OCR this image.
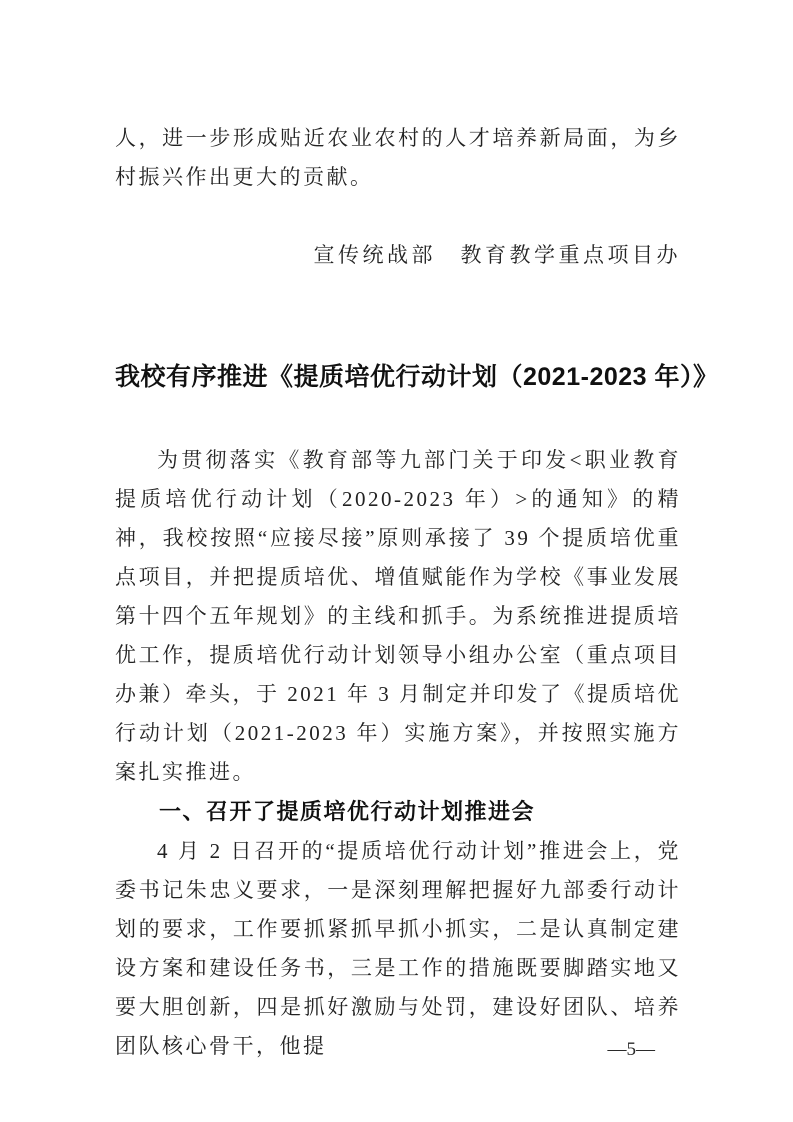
人，进一步形成贴近农业农村的人才培养新局面，为乡村振兴作出更大的贡献。

宣传统战部　教育教学重点项目办

我校有序推进《提质培优行动计划（2021-2023 年）》

为贯彻落实《教育部等九部门关于印发<职业教育提质培优行动计划（2020-2023 年）>的通知》的精神，我校按照“应接尽接”原则承接了 39 个提质培优重点项目，并把提质培优、增值赋能作为学校《事业发展第十四个五年规划》的主线和抓手。为系统推进提质培优工作，提质培优行动计划领导小组办公室（重点项目办兼）牵头，于 2021 年 3 月制定并印发了《提质培优行动计划（2021-2023 年）实施方案》，并按照实施方案扎实推进。

一、召开了提质培优行动计划推进会

4 月 2 日召开的“提质培优行动计划”推进会上，党委书记朱忠义要求，一是深刻理解把握好九部委行动计划的要求，工作要抓紧抓早抓小抓实，二是认真制定建设方案和建设任务书，三是工作的措施既要脚踏实地又要大胆创新，四是抓好激励与处罚，建设好团队、培养团队核心骨干，他提	—5—
